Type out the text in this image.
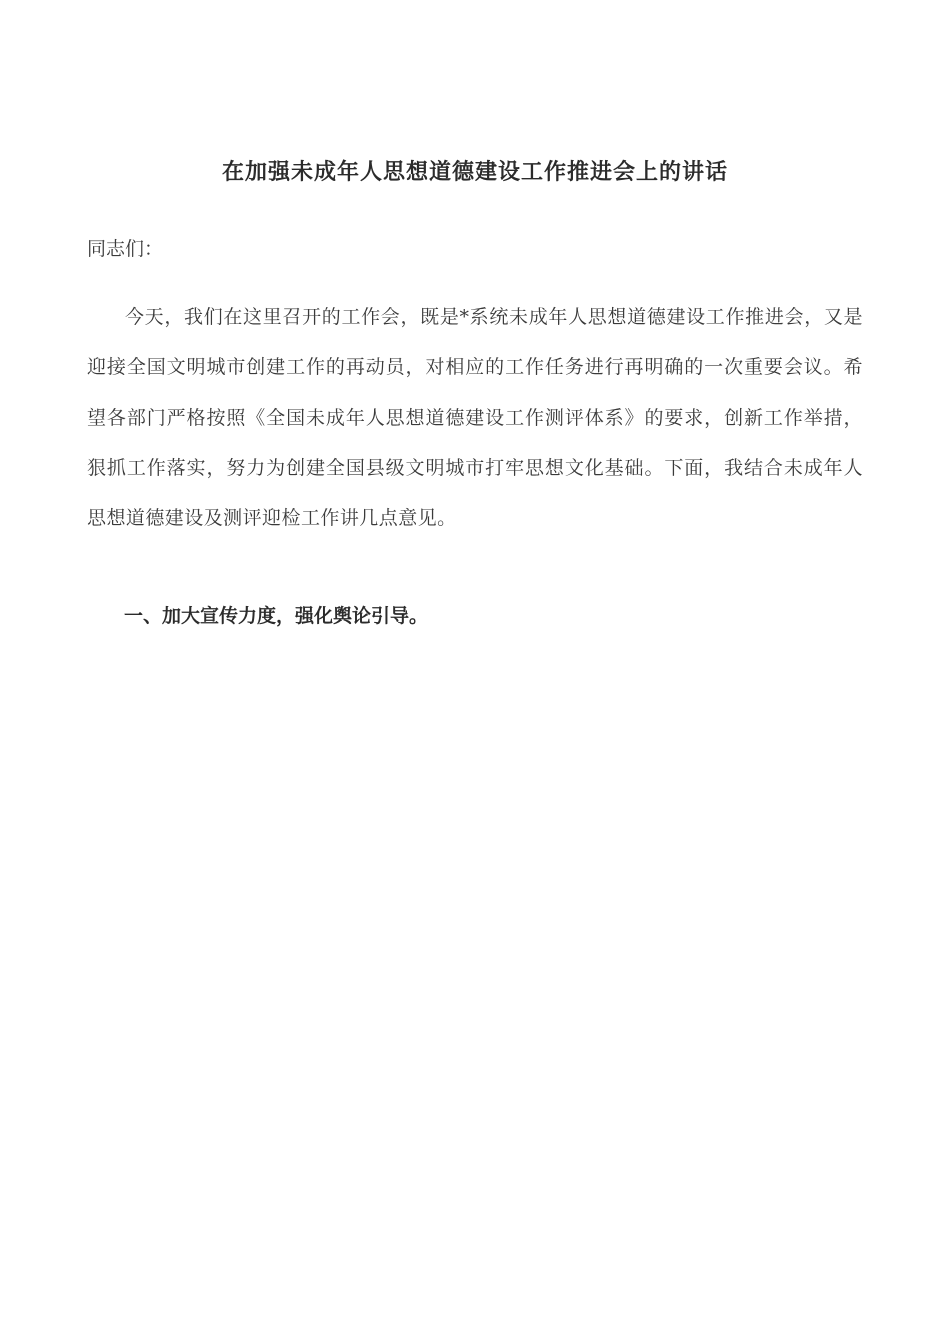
在加强未成年人思想道德建设工作推进会上的讲话

同志们：

今天，我们在这里召开的工作会，既是*系统未成年人思想道德建设工作推进会，又是迎接全国文明城市创建工作的再动员，对相应的工作任务进行再明确的一次重要会议。希望各部门严格按照《全国未成年人思想道德建设工作测评体系》的要求，创新工作举措，狠抓工作落实，努力为创建全国县级文明城市打牢思想文化基础。下面，我结合未成年人思想道德建设及测评迎检工作讲几点意见。

一、加大宣传力度，强化舆论引导。
